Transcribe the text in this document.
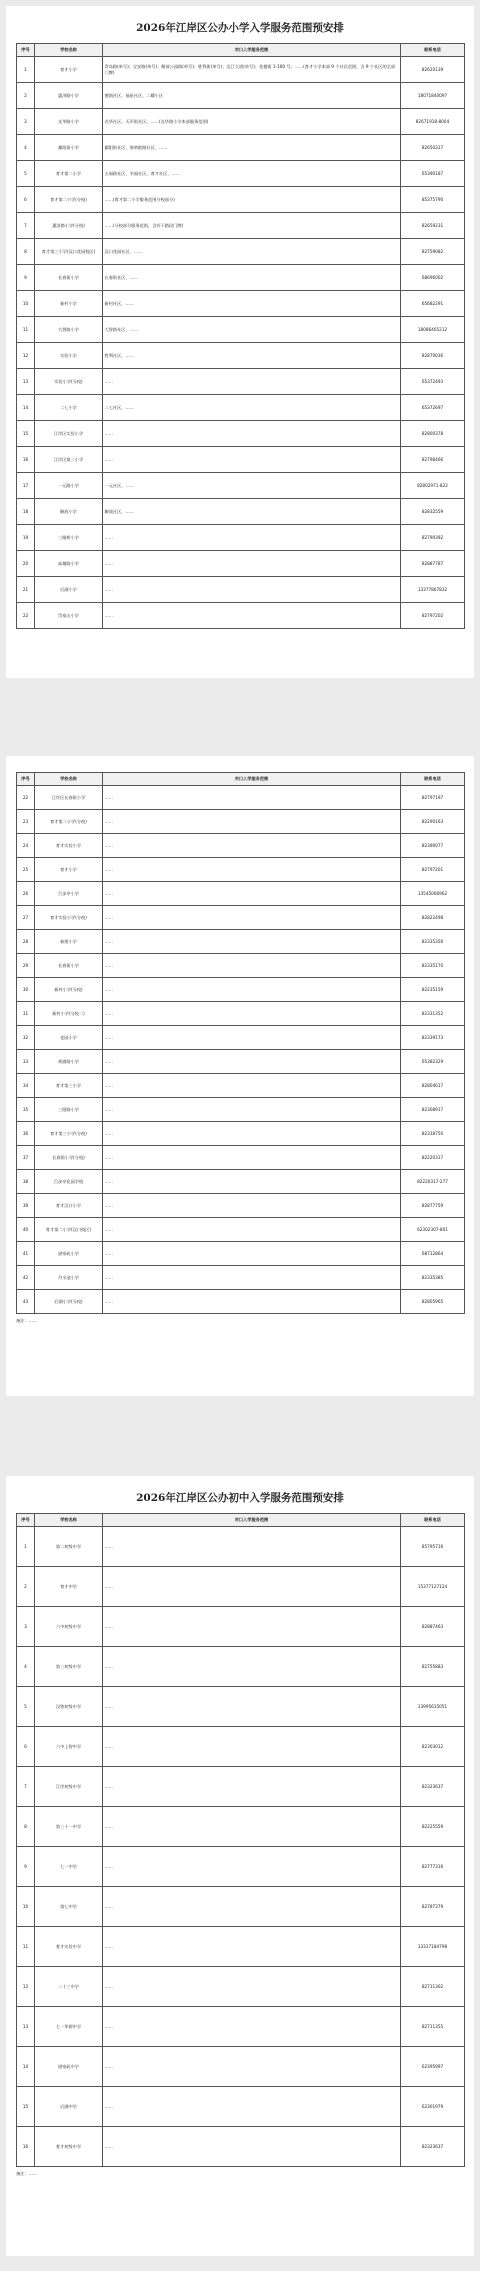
2026年江岸区公办小学入学服务范围预安排
序号	学校名称	对口入学服务范围	联系电话
1	育才小学	青岛路(单号)；宝安路(单号)；解放公园路(单号)；胜利街(单号)；沿江大道(单号)；花楼街 1-100 号；……(育才小学本部 9 个社区范围，含 9 个社区的全部门牌)	82620139
2	惠济路小学	德润社区、福星社区、二曜小区	18071840097
3	光华路小学	光华社区、天声街社区、……(光华路小学本部服务范围)	82671918-8004
4	鄱阳街小学	鄱阳街社区、黎黄陂路社区、……	82650317
5	育才第二小学	五福路社区、幸福社区、育才社区、……	65390187
6	育才第二小学(分校)	……(育才第二小学服务范围分校部分)	85375790
7	惠济路小学(分校)	……(分校部分服务范围，含若干路段门牌)	82659231
8	育才第三小学(汉口花园校区)	汉口花园社区、……	82759082
9	长春街小学	长春街社区、……	68696002
10	新村小学	新村社区、……	65682291
11	大智路小学	大智路社区、……	18086465212
12	实验小学	胜利社区、……	82870036
13	实验小学(分校)	……	65372493
14	二七小学	二七社区、……	65372697
15	江岸区实验小学	……	82800378
16	江岸区第二小学	……	82798466
17	一元路小学	一元社区、……	82802971-822
18	解放小学	解放社区、……	82832559
19	三眼桥小学	……	82790392
20	高雄路小学	……	82887787
21	后湖小学	……	13377867832
22	岱家山小学	……	82797202
序号	学校名称	对口入学服务范围	联系电话
22	江岸区长春街小学	……	82797197
23	育才第二小学(分校)	……	82290163
24	育才实验小学	……	82390077
25	育才小学	……	82797201
26	百步亭小学	……	13545066962
27	育才实验小学(分校)	……	82822498
28	新建小学	……	82335356
29	长春街小学	……	82335170
30	新村小学(分校)	……	82235159
31	新村小学(分校二)	……	82331352
32	花园小学	……	82339173
33	黄浦路小学	……	65382329
34	育才第三小学	……	82804617
35	三阳路小学	……	82308917
36	育才第三小学(分校)	……	82318750
37	长春街小学(分校)	……	82220317
38	百步亭花园学校	……	82220317-277
39	育才汉口小学	……	82877759
40	育才第二小学(汉口校区)	……	62302307-801
41	谌家矶小学	……	68712864
42	丹水池小学	……	82335385
43	后湖小学(分校)	……	82805965
备注：……
2026年江岸区公办初中入学服务范围预安排
序号	学校名称	对口入学服务范围	联系电话
1	第二初级中学	……	85795716
2	育才中学	……	15377127124
3	六中初级中学	……	82887463
4	第三初级中学	……	82755883
5	汉铁初级中学	……	13995615051
6	六中上智中学	……	82303012
7	江岸初级中学	……	82323637
8	第三十一中学	……	82225559
9	七一中学	……	82777316
10	第七中学	……	82787379
11	育才实验中学	……	13317184798
12	二十三中学	……	82711302
13	七一华源中学	……	82711355
14	谌家矶中学	……	62395997
15	后湖中学	……	62301979
16	育才初级中学	……	82323637
备注：……
